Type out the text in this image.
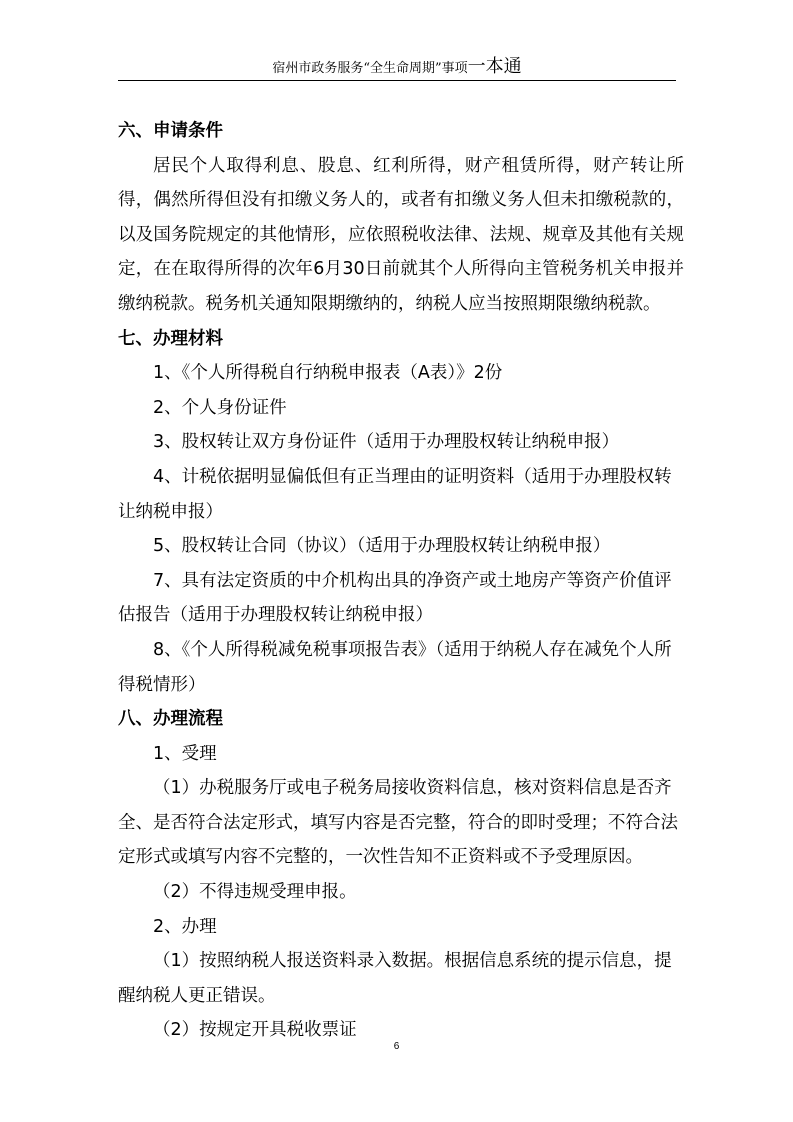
宿州市政务服务“全生命周期”事项一本通

六、申请条件

居民个人取得利息、股息、红利所得，财产租赁所得，财产转让所得，偶然所得但没有扣缴义务人的，或者有扣缴义务人但未扣缴税款的，以及国务院规定的其他情形，应依照税收法律、法规、规章及其他有关规定，在在取得所得的次年6月30日前就其个人所得向主管税务机关申报并缴纳税款。税务机关通知限期缴纳的，纳税人应当按照期限缴纳税款。

七、办理材料

1、《个人所得税自行纳税申报表（A表）》2份

2、个人身份证件

3、股权转让双方身份证件（适用于办理股权转让纳税申报）

4、计税依据明显偏低但有正当理由的证明资料（适用于办理股权转让纳税申报）

5、股权转让合同（协议）（适用于办理股权转让纳税申报）

7、具有法定资质的中介机构出具的净资产或土地房产等资产价值评估报告（适用于办理股权转让纳税申报）

8、《个人所得税减免税事项报告表》（适用于纳税人存在减免个人所得税情形）

八、办理流程

1、受理

（1）办税服务厅或电子税务局接收资料信息，核对资料信息是否齐全、是否符合法定形式，填写内容是否完整，符合的即时受理；不符合法定形式或填写内容不完整的，一次性告知不正资料或不予受理原因。

（2）不得违规受理申报。

2、办理

（1）按照纳税人报送资料录入数据。根据信息系统的提示信息，提醒纳税人更正错误。

（2）按规定开具税收票证

6
